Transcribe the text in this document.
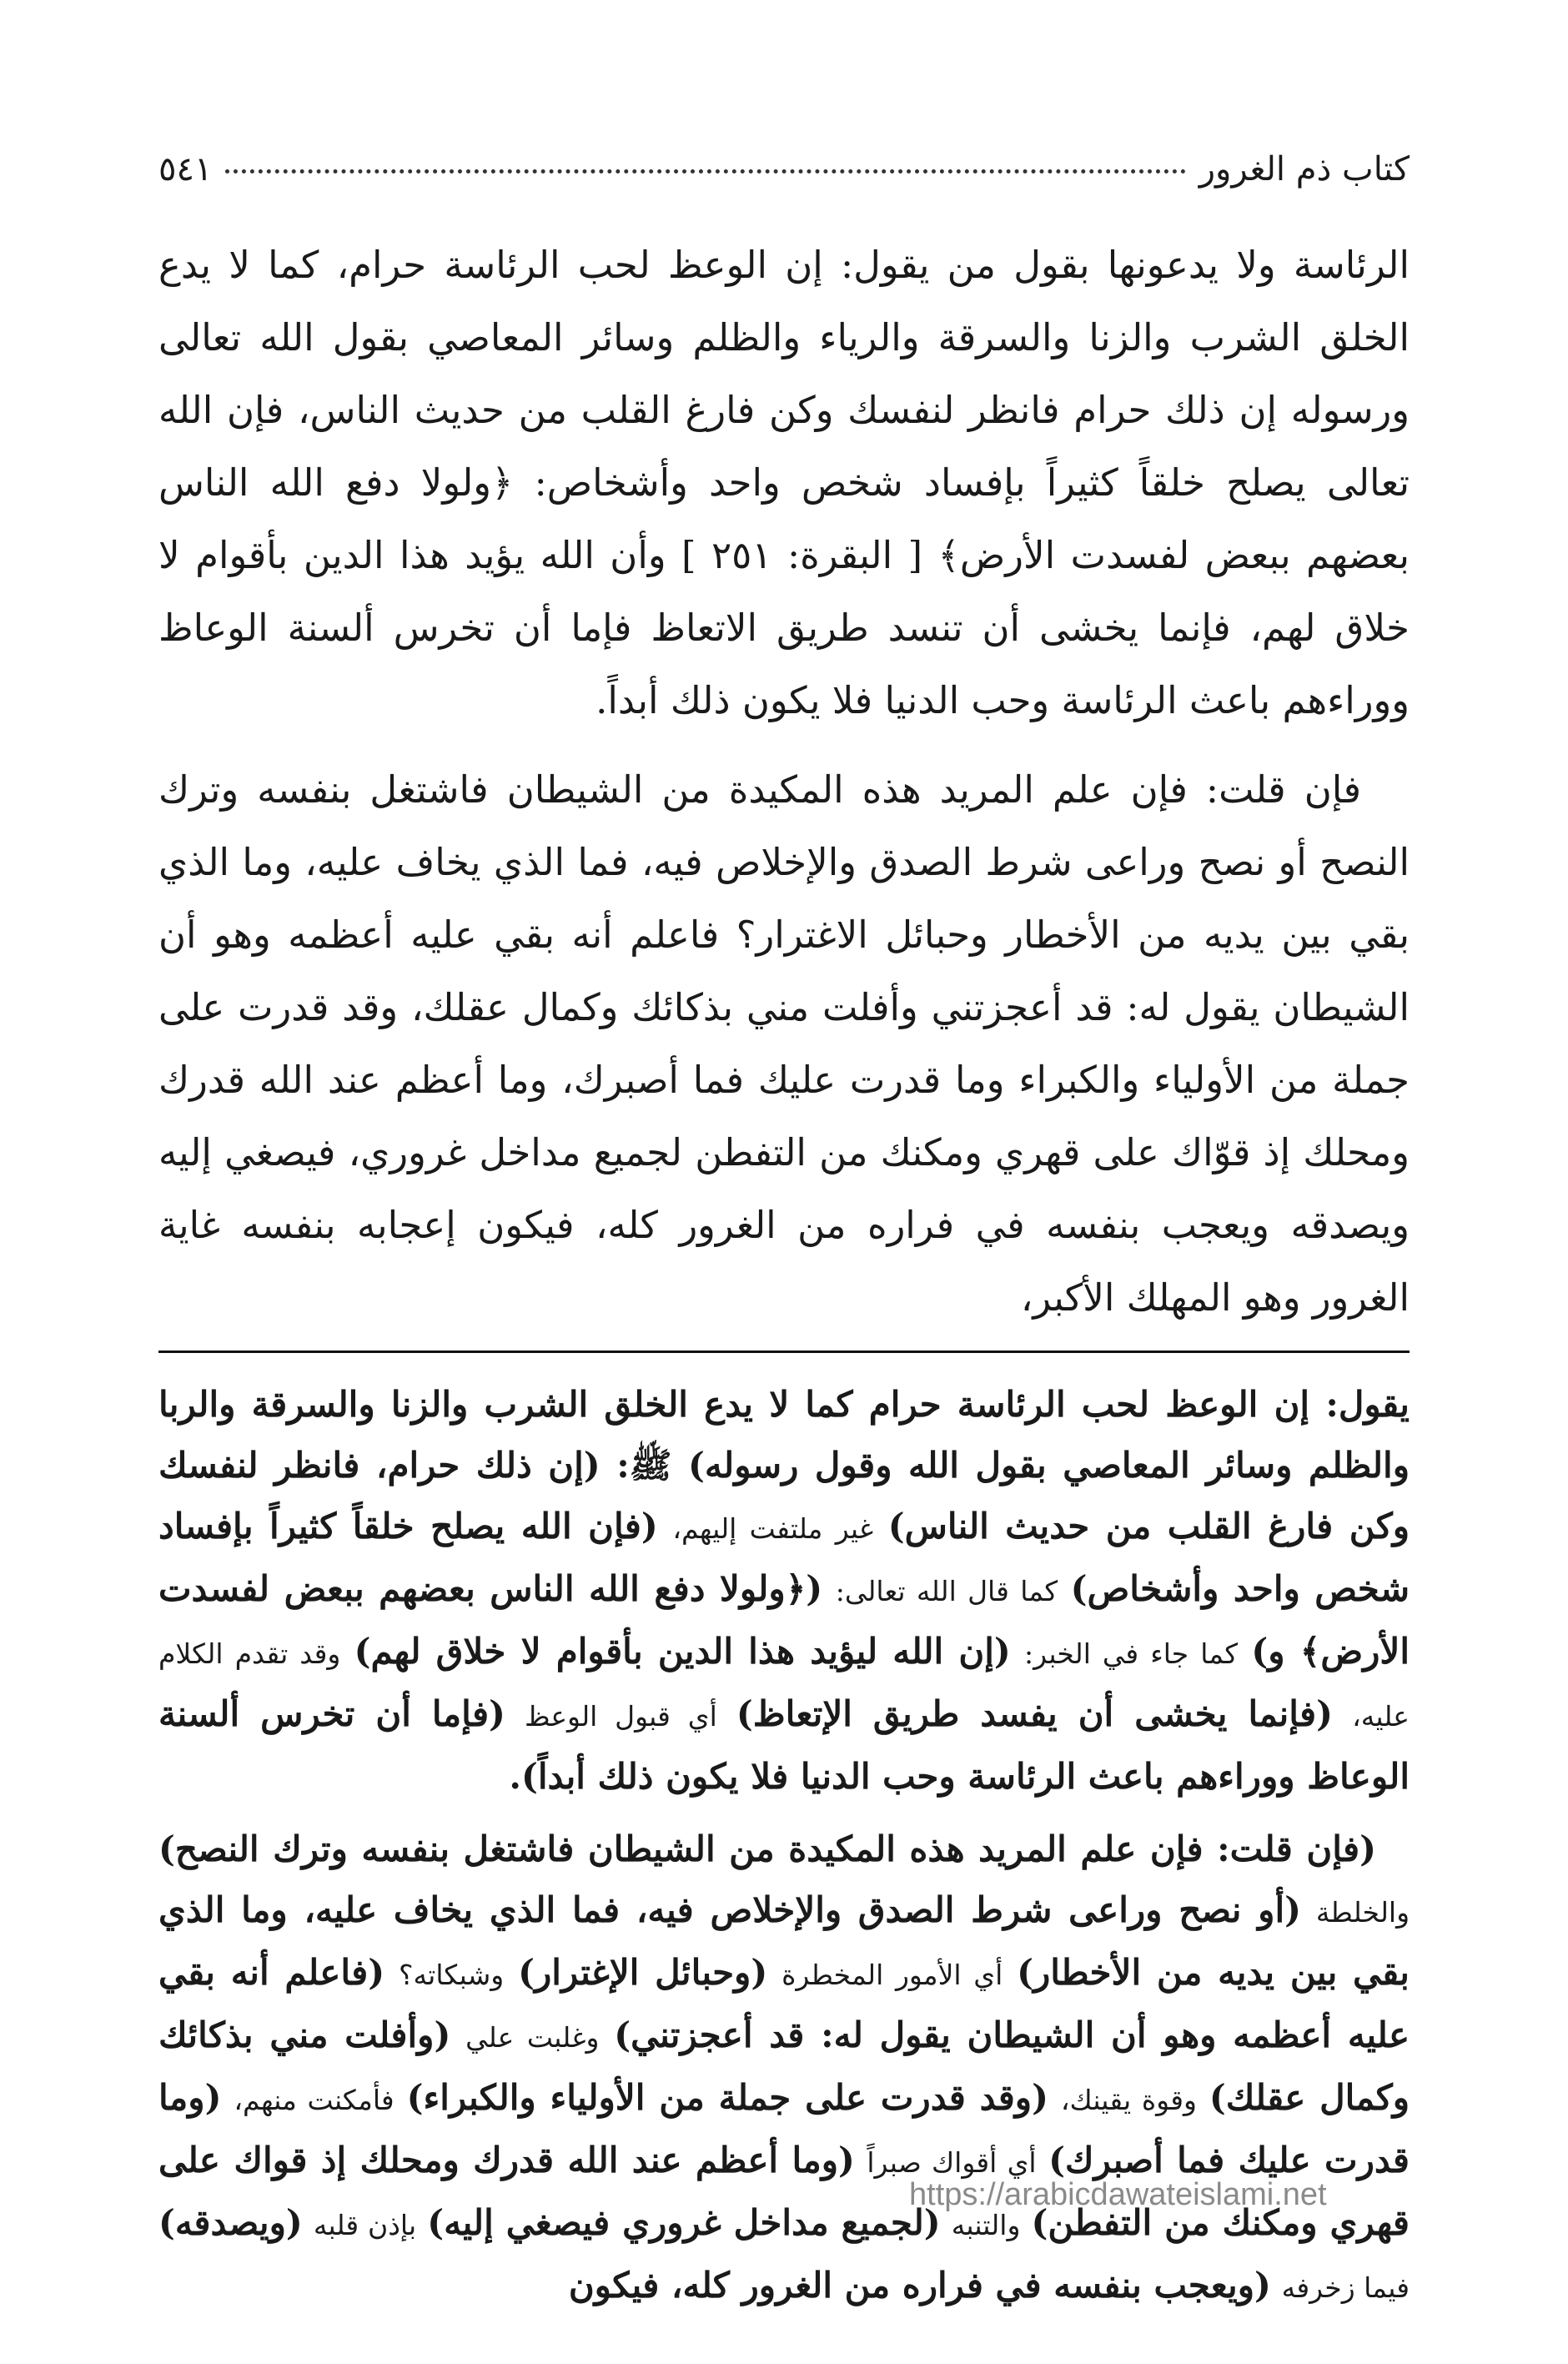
كتاب ذم الغرور
٥٤١

الرئاسة ولا يدعونها بقول من يقول: إن الوعظ لحب الرئاسة حرام، كما لا يدع الخلق الشرب والزنا والسرقة والرياء والظلم وسائر المعاصي بقول الله تعالى ورسوله إن ذلك حرام فانظر لنفسك وكن فارغ القلب من حديث الناس، فإن الله تعالى يصلح خلقاً كثيراً بإفساد شخص واحد وأشخاص: ﴿ولولا دفع الله الناس بعضهم ببعض لفسدت الأرض﴾ [ البقرة: ٢٥١ ] وأن الله يؤيد هذا الدين بأقوام لا خلاق لهم، فإنما يخشى أن تنسد طريق الاتعاظ فإما أن تخرس ألسنة الوعاظ ووراءهم باعث الرئاسة وحب الدنيا فلا يكون ذلك أبداً.

فإن قلت: فإن علم المريد هذه المكيدة من الشيطان فاشتغل بنفسه وترك النصح أو نصح وراعى شرط الصدق والإخلاص فيه، فما الذي يخاف عليه، وما الذي بقي بين يديه من الأخطار وحبائل الاغترار؟ فاعلم أنه بقي عليه أعظمه وهو أن الشيطان يقول له: قد أعجزتني وأفلت مني بذكائك وكمال عقلك، وقد قدرت على جملة من الأولياء والكبراء وما قدرت عليك فما أصبرك، وما أعظم عند الله قدرك ومحلك إذ قوّاك على قهري ومكنك من التفطن لجميع مداخل غروري، فيصغي إليه ويصدقه ويعجب بنفسه في فراره من الغرور كله، فيكون إعجابه بنفسه غاية الغرور وهو المهلك الأكبر،

يقول: إن الوعظ لحب الرئاسة حرام كما لا يدع الخلق الشرب والزنا والسرقة والربا والظلم وسائر المعاصي بقول الله وقول رسوله) ﷺ: (إن ذلك حرام، فانظر لنفسك وكن فارغ القلب من حديث الناس) غير ملتفت إليهم، (فإن الله يصلح خلقاً كثيراً بإفساد شخص واحد وأشخاص) كما قال الله تعالى: (﴿ولولا دفع الله الناس بعضهم ببعض لفسدت الأرض﴾ و) كما جاء في الخبر: (إن الله ليؤيد هذا الدين بأقوام لا خلاق لهم) وقد تقدم الكلام عليه، (فإنما يخشى أن يفسد طريق الإتعاظ) أي قبول الوعظ (فإما أن تخرس ألسنة الوعاظ ووراءهم باعث الرئاسة وحب الدنيا فلا يكون ذلك أبداً).

(فإن قلت: فإن علم المريد هذه المكيدة من الشيطان فاشتغل بنفسه وترك النصح) والخلطة (أو نصح وراعى شرط الصدق والإخلاص فيه، فما الذي يخاف عليه، وما الذي بقي بين يديه من الأخطار) أي الأمور المخطرة (وحبائل الإغترار) وشبكاته؟ (فاعلم أنه بقي عليه أعظمه وهو أن الشيطان يقول له: قد أعجزتني) وغلبت علي (وأفلت مني بذكائك وكمال عقلك) وقوة يقينك، (وقد قدرت على جملة من الأولياء والكبراء) فأمكنت منهم، (وما قدرت عليك فما أصبرك) أي أقواك صبراً (وما أعظم عند الله قدرك ومحلك إذ قواك على قهري ومكنك من التفطن) والتنبه (لجميع مداخل غروري فيصغي إليه) بإذن قلبه (ويصدقه) فيما زخرفه (ويعجب بنفسه في فراره من الغرور كله، فيكون

https://arabicdawateislami.net
